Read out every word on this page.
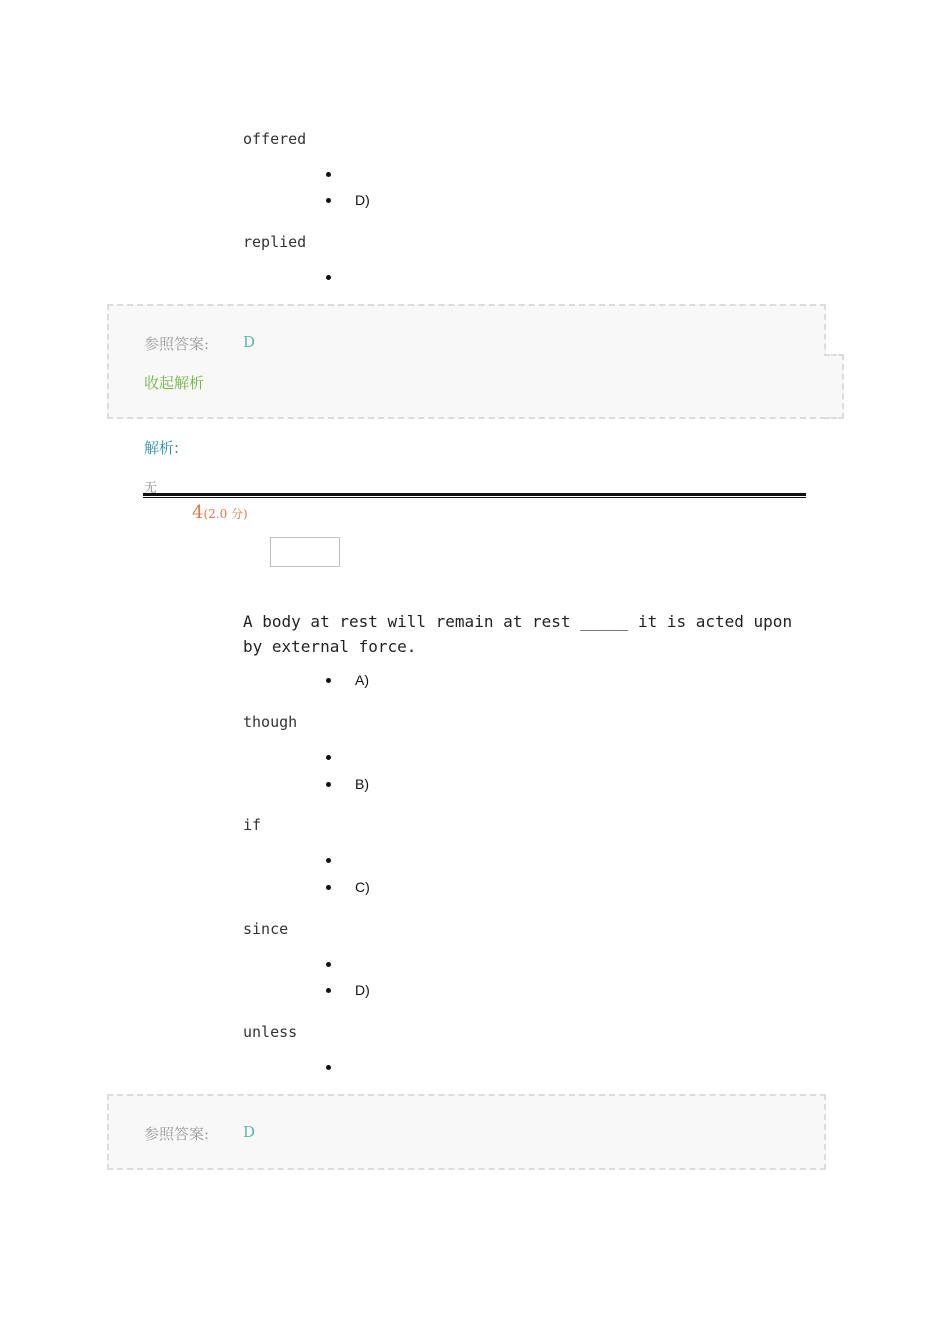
offered
D)
replied
参照答案: D
收起解析
解析:
无
4(2.0 分)
A body at rest will remain at rest _____ it is acted upon by external force.
A)
though
B)
if
C)
since
D)
unless
参照答案: D
